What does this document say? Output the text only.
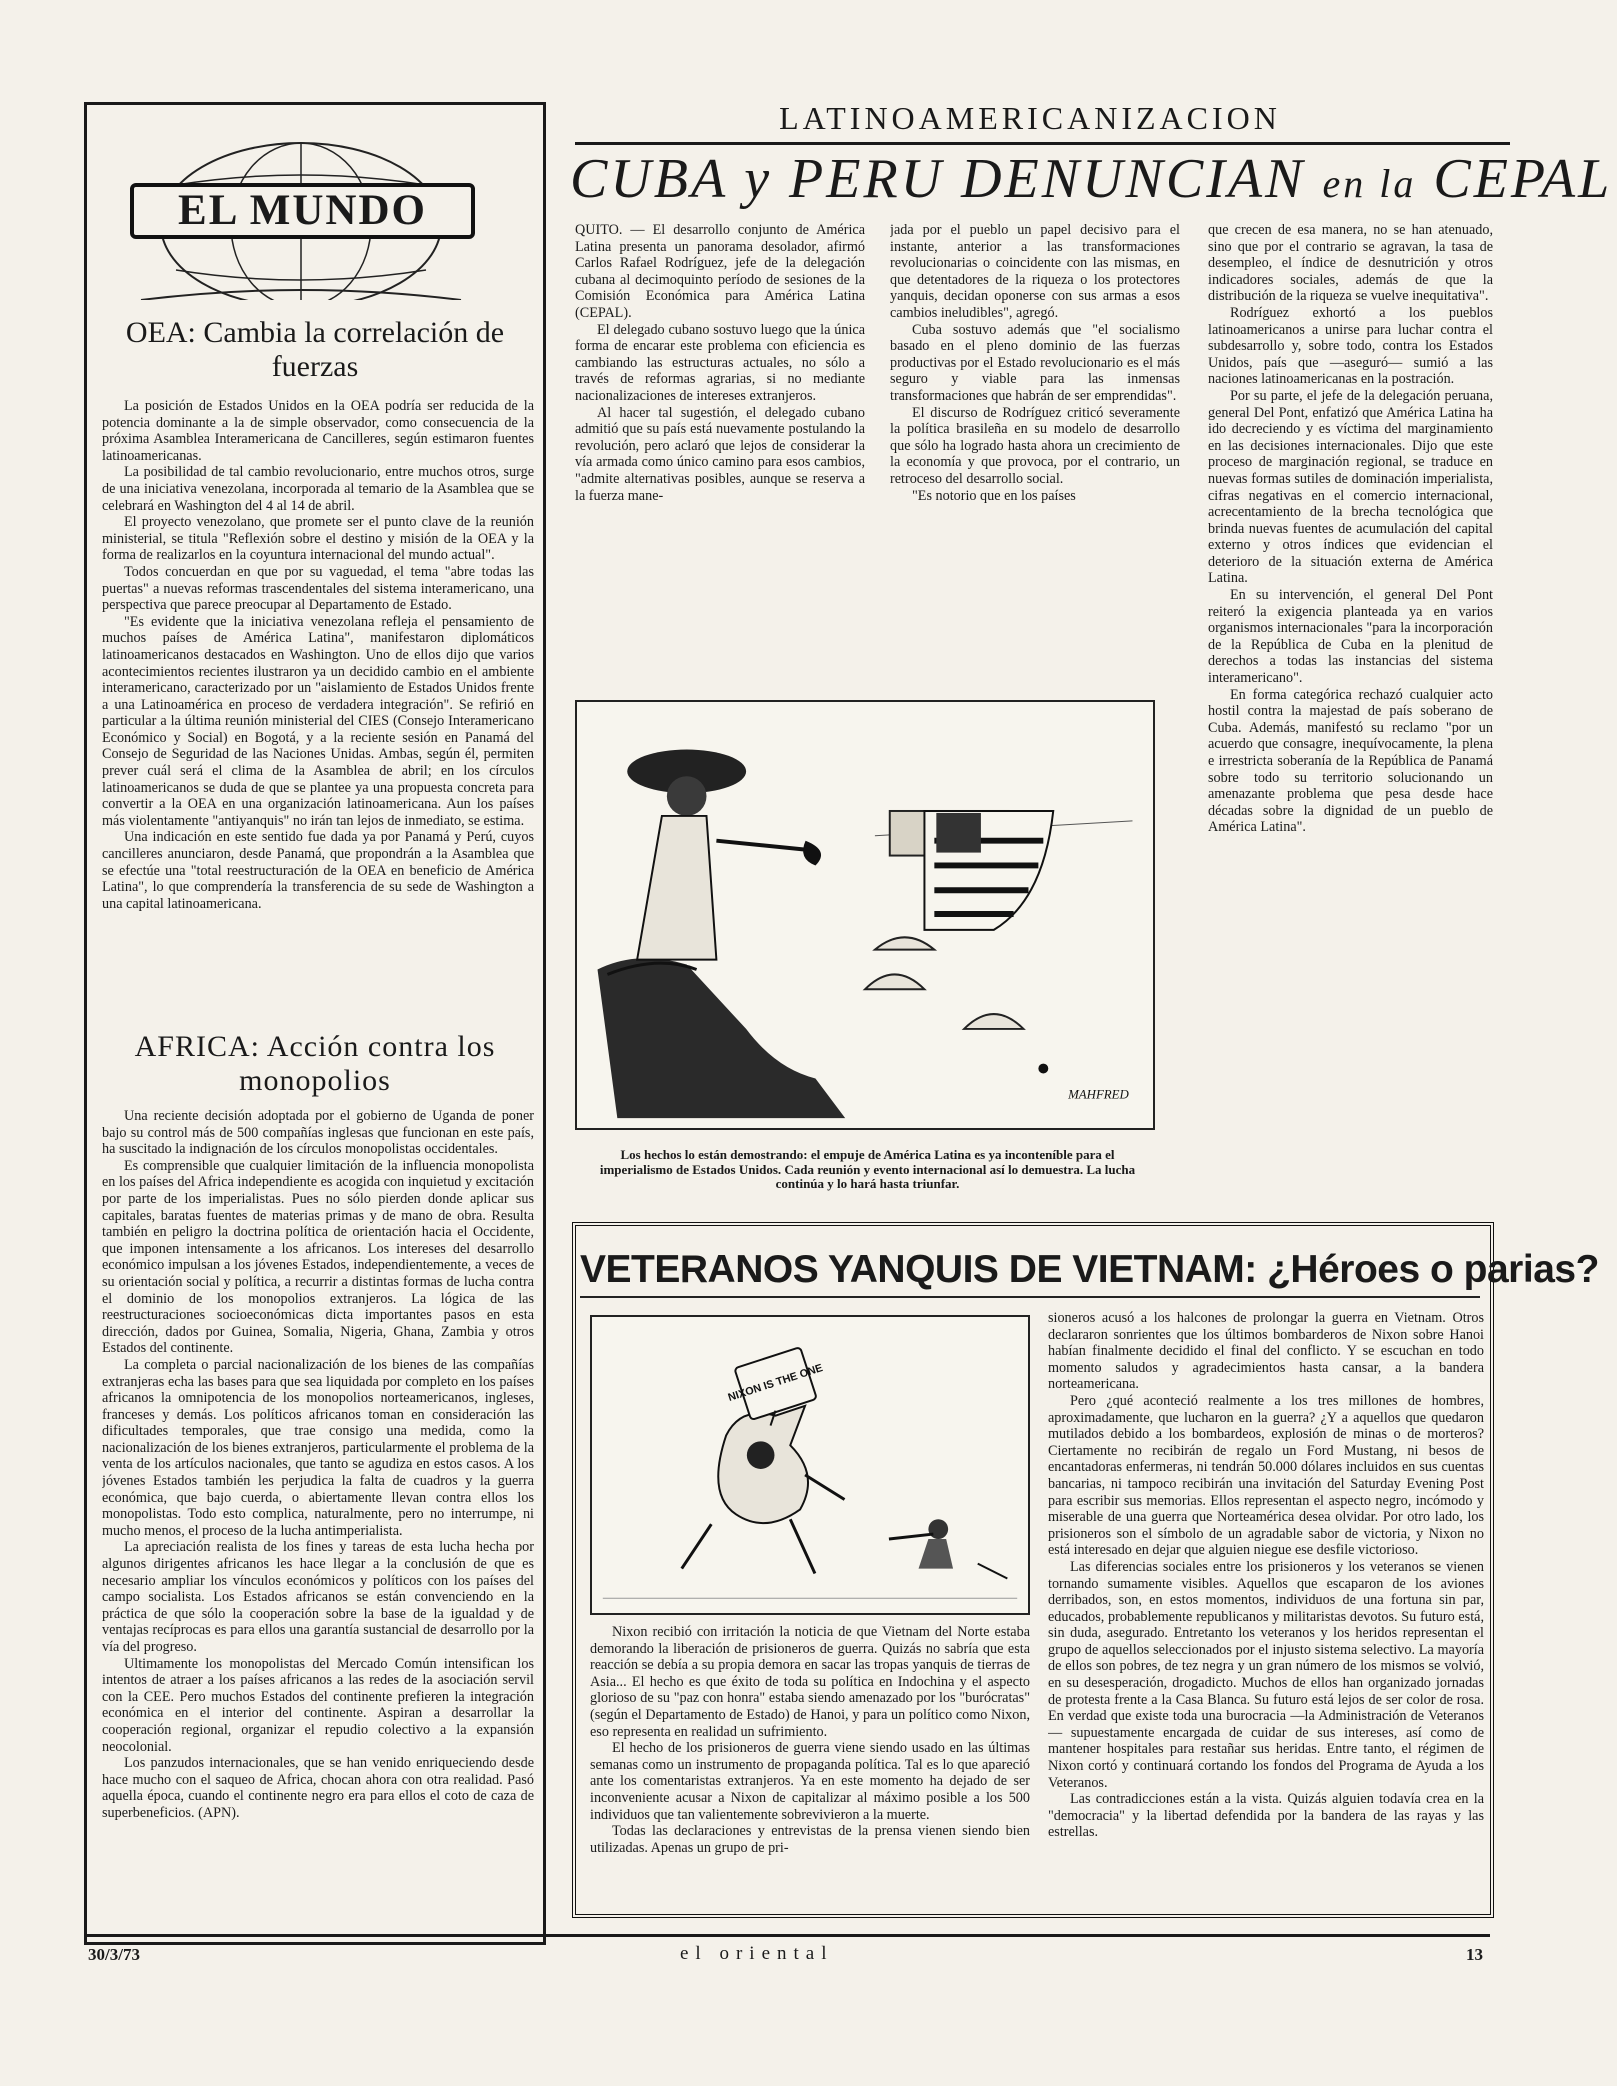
EL MUNDO
OEA: Cambia la correlación de fuerzas

La posición de Estados Unidos en la OEA podría ser reducida de la potencia dominante a la de simple observador, como consecuencia de la próxima Asamblea Interamericana de Cancilleres, según estimaron fuentes latinoamericanas.

La posibilidad de tal cambio revolucionario, entre muchos otros, surge de una iniciativa venezolana, incorporada al temario de la Asamblea que se celebrará en Washington del 4 al 14 de abril.

El proyecto venezolano, que promete ser el punto clave de la reunión ministerial, se titula "Reflexión sobre el destino y misión de la OEA y la forma de realizarlos en la coyuntura internacional del mundo actual".

Todos concuerdan en que por su vaguedad, el tema "abre todas las puertas" a nuevas reformas trascendentales del sistema interamericano, una perspectiva que parece preocupar al Departamento de Estado.

"Es evidente que la iniciativa venezolana refleja el pensamiento de muchos países de América Latina", manifestaron diplomáticos latinoamericanos destacados en Washington. Uno de ellos dijo que varios acontecimientos recientes ilustraron ya un decidido cambio en el ambiente interamericano, caracterizado por un "aislamiento de Estados Unidos frente a una Latinoamérica en proceso de verdadera integración". Se refirió en particular a la última reunión ministerial del CIES (Consejo Interamericano Económico y Social) en Bogotá, y a la reciente sesión en Panamá del Consejo de Seguridad de las Naciones Unidas. Ambas, según él, permiten prever cuál será el clima de la Asamblea de abril; en los círculos latinoamericanos se duda de que se plantee ya una propuesta concreta para convertir a la OEA en una organización latinoamericana. Aun los países más violentamente "antiyanquis" no irán tan lejos de inmediato, se estima.

Una indicación en este sentido fue dada ya por Panamá y Perú, cuyos cancilleres anunciaron, desde Panamá, que propondrán a la Asamblea que se efectúe una "total reestructuración de la OEA en beneficio de América Latina", lo que comprendería la transferencia de su sede de Washington a una capital latinoamericana.

AFRICA: Acción contra los monopolios

Una reciente decisión adoptada por el gobierno de Uganda de poner bajo su control más de 500 compañías inglesas que funcionan en este país, ha suscitado la indignación de los círculos monopolistas occidentales.

Es comprensible que cualquier limitación de la influencia monopolista en los países del Africa independiente es acogida con inquietud y excitación por parte de los imperialistas. Pues no sólo pierden donde aplicar sus capitales, baratas fuentes de materias primas y de mano de obra. Resulta también en peligro la doctrina política de orientación hacia el Occidente, que imponen intensamente a los africanos. Los intereses del desarrollo económico impulsan a los jóvenes Estados, independientemente, a veces de su orientación social y política, a recurrir a distintas formas de lucha contra el dominio de los monopolios extranjeros. La lógica de las reestructuraciones socioeconómicas dicta importantes pasos en esta dirección, dados por Guinea, Somalia, Nigeria, Ghana, Zambia y otros Estados del continente.

La completa o parcial nacionalización de los bienes de las compañías extranjeras echa las bases para que sea liquidada por completo en los países africanos la omnipotencia de los monopolios norteamericanos, ingleses, franceses y demás. Los políticos africanos toman en consideración las dificultades temporales, que trae consigo una medida, como la nacionalización de los bienes extranjeros, particularmente el problema de la venta de los artículos nacionales, que tanto se agudiza en estos casos. A los jóvenes Estados también les perjudica la falta de cuadros y la guerra económica, que bajo cuerda, o abiertamente llevan contra ellos los monopolistas. Todo esto complica, naturalmente, pero no interrumpe, ni mucho menos, el proceso de la lucha antimperialista.

La apreciación realista de los fines y tareas de esta lucha hecha por algunos dirigentes africanos les hace llegar a la conclusión de que es necesario ampliar los vínculos económicos y políticos con los países del campo socialista. Los Estados africanos se están convenciendo en la práctica de que sólo la cooperación sobre la base de la igualdad y de ventajas recíprocas es para ellos una garantía sustancial de desarrollo por la vía del progreso.

Ultimamente los monopolistas del Mercado Común intensifican los intentos de atraer a los países africanos a las redes de la asociación servil con la CEE. Pero muchos Estados del continente prefieren la integración económica en el interior del continente. Aspiran a desarrollar la cooperación regional, organizar el repudio colectivo a la expansión neocolonial.

Los panzudos internacionales, que se han venido enriqueciendo desde hace mucho con el saqueo de Africa, chocan ahora con otra realidad. Pasó aquella época, cuando el continente negro era para ellos el coto de caza de superbeneficios. (APN).

LATINOAMERICANIZACION
CUBA y PERU DENUNCIAN en la CEPAL

QUITO. — El desarrollo conjunto de América Latina presenta un panorama desolador, afirmó Carlos Rafael Rodríguez, jefe de la delegación cubana al decimoquinto período de sesiones de la Comisión Económica para América Latina (CEPAL).

El delegado cubano sostuvo luego que la única forma de encarar este problema con eficiencia es cambiando las estructuras actuales, no sólo a través de reformas agrarias, si no mediante nacionalizaciones de intereses extranjeros.

Al hacer tal sugestión, el delegado cubano admitió que su país está nuevamente postulando la revolución, pero aclaró que lejos de considerar la vía armada como único camino para esos cambios, "admite alternativas posibles, aunque se reserva a la fuerza mane-

jada por el pueblo un papel decisivo para el instante, anterior a las transformaciones revolucionarias o coincidente con las mismas, en que detentadores de la riqueza o los protectores yanquis, decidan oponerse con sus armas a esos cambios ineludibles", agregó.

Cuba sostuvo además que "el socialismo basado en el pleno dominio de las fuerzas productivas por el Estado revolucionario es el más seguro y viable para las inmensas transformaciones que habrán de ser emprendidas".

El discurso de Rodríguez criticó severamente la política brasileña en su modelo de desarrollo que sólo ha logrado hasta ahora un crecimiento de la economía y que provoca, por el contrario, un retroceso del desarrollo social.

"Es notorio que en los países

que crecen de esa manera, no se han atenuado, sino que por el contrario se agravan, la tasa de desempleo, el índice de desnutrición y otros indicadores sociales, además de que la distribución de la riqueza se vuelve inequitativa".

Rodríguez exhortó a los pueblos latinoamericanos a unirse para luchar contra el subdesarrollo y, sobre todo, contra los Estados Unidos, país que —aseguró— sumió a las naciones latinoamericanas en la postración.

Por su parte, el jefe de la delegación peruana, general Del Pont, enfatizó que América Latina ha ido decreciendo y es víctima del marginamiento en las decisiones internacionales. Dijo que este proceso de marginación regional, se traduce en nuevas formas sutiles de dominación imperialista, cifras negativas en el comercio internacional, acrecentamiento de la brecha tecnológica que brinda nuevas fuentes de acumulación del capital externo y otros índices que evidencian el deterioro de la situación externa de América Latina.

En su intervención, el general Del Pont reiteró la exigencia planteada ya en varios organismos internacionales "para la incorporación de la República de Cuba en la plenitud de derechos a todas las instancias del sistema interamericano".

En forma categórica rechazó cualquier acto hostil contra la majestad de país soberano de Cuba. Además, manifestó su reclamo "por un acuerdo que consagre, inequívocamente, la plena e irrestricta soberanía de la República de Panamá sobre todo su territorio solucionando un amenazante problema que pesa desde hace décadas sobre la dignidad de un pueblo de América Latina".

MAHFRED
Los hechos lo están demostrando: el empuje de América Latina es ya inconteníble para el imperialismo de Estados Unidos. Cada reunión y evento internacional así lo demuestra. La lucha continúa y lo hará hasta triunfar.
VETERANOS YANQUIS DE VIETNAM: ¿Héroes o parias?
NIXON IS THE ONE

Nixon recibió con irritación la noticia de que Vietnam del Norte estaba demorando la liberación de prisioneros de guerra. Quizás no sabría que esta reacción se debía a su propia demora en sacar las tropas yanquis de tierras de Asia... El hecho es que éxito de toda su política en Indochina y el aspecto glorioso de su "paz con honra" estaba siendo amenazado por los "burócratas" (según el Departamento de Estado) de Hanoi, y para un político como Nixon, eso representa en realidad un sufrimiento.

El hecho de los prisioneros de guerra viene siendo usado en las últimas semanas como un instrumento de propaganda política. Tal es lo que apareció ante los comentaristas extranjeros. Ya en este momento ha dejado de ser inconveniente acusar a Nixon de capitalizar al máximo posible a los 500 individuos que tan valientemente sobrevivieron a la muerte.

Todas las declaraciones y entrevistas de la prensa vienen siendo bien utilizadas. Apenas un grupo de pri-

sioneros acusó a los halcones de prolongar la guerra en Vietnam. Otros declararon sonrientes que los últimos bombarderos de Nixon sobre Hanoi habían finalmente decidido el final del conflicto. Y se escuchan en todo momento saludos y agradecimientos hasta cansar, a la bandera norteamericana.

Pero ¿qué aconteció realmente a los tres millones de hombres, aproximadamente, que lucharon en la guerra? ¿Y a aquellos que quedaron mutilados debido a los bombardeos, explosión de minas o de morteros? Ciertamente no recibirán de regalo un Ford Mustang, ni besos de encantadoras enfermeras, ni tendrán 50.000 dólares incluidos en sus cuentas bancarias, ni tampoco recibirán una invitación del Saturday Evening Post para escribir sus memorias. Ellos representan el aspecto negro, incómodo y miserable de una guerra que Norteamérica desea olvidar. Por otro lado, los prisioneros son el símbolo de un agradable sabor de victoria, y Nixon no está interesado en dejar que alguien niegue ese desfile victorioso.

Las diferencias sociales entre los prisioneros y los veteranos se vienen tornando sumamente visibles. Aquellos que escaparon de los aviones derribados, son, en estos momentos, individuos de una fortuna sin par, educados, probablemente republicanos y militaristas devotos. Su futuro está, sin duda, asegurado. Entretanto los veteranos y los heridos representan el grupo de aquellos seleccionados por el injusto sistema selectivo. La mayoría de ellos son pobres, de tez negra y un gran número de los mismos se volvió, en su desesperación, drogadicto. Muchos de ellos han organizado jornadas de protesta frente a la Casa Blanca. Su futuro está lejos de ser color de rosa. En verdad que existe toda una burocracia —la Administración de Veteranos— supuestamente encargada de cuidar de sus intereses, así como de mantener hospitales para restañar sus heridas. Entre tanto, el régimen de Nixon cortó y continuará cortando los fondos del Programa de Ayuda a los Veteranos.

Las contradicciones están a la vista. Quizás alguien todavía crea en la "democracia" y la libertad defendida por la bandera de las rayas y las estrellas.

30/3/73	el oriental	13
